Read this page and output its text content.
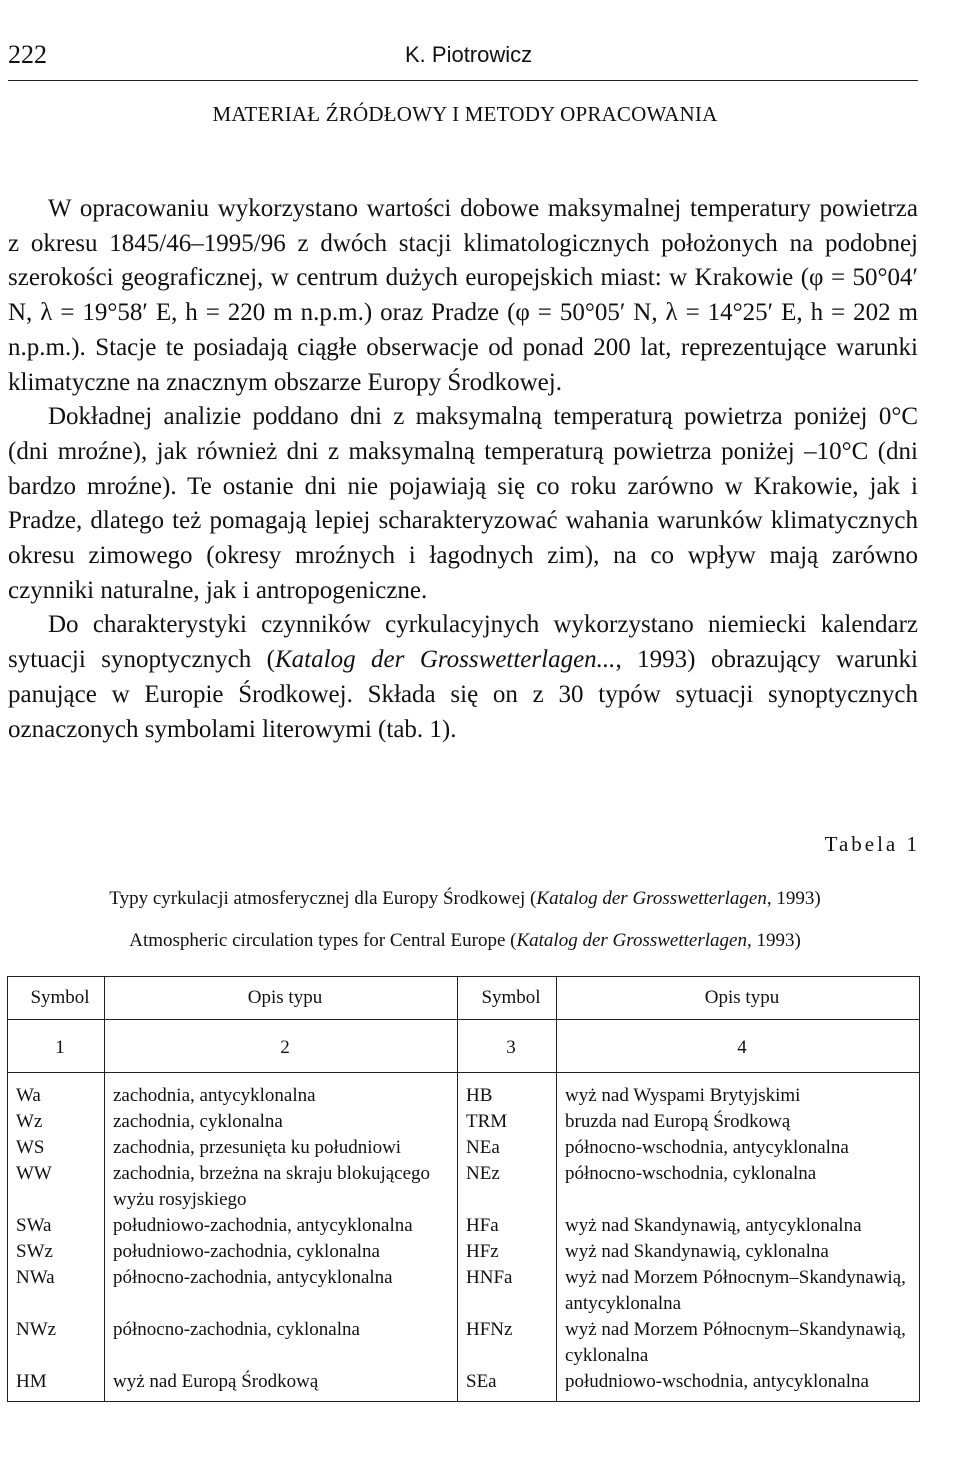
222	K. Piotrowicz
MATERIAŁ ŹRÓDŁOWY I METODY OPRACOWANIA

W opracowaniu wykorzystano wartości dobowe maksymalnej temperatury powietrza z okresu 1845/46–1995/96 z dwóch stacji klimatologicznych położonych na podobnej szerokości geograficznej, w centrum dużych europejskich miast: w Krakowie (φ = 50°04′ N, λ = 19°58′ E, h = 220 m n.p.m.) oraz Pradze (φ = 50°05′ N, λ = 14°25′ E, h = 202 m n.p.m.). Stacje te posiadają ciągłe obserwacje od ponad 200 lat, reprezentujące warunki klimatyczne na znacznym obszarze Europy Środkowej.

Dokładnej analizie poddano dni z maksymalną temperaturą powietrza poniżej 0°C (dni mroźne), jak również dni z maksymalną temperaturą powietrza poniżej –10°C (dni bardzo mroźne). Te ostanie dni nie pojawiają się co roku zarówno w Krakowie, jak i Pradze, dlatego też pomagają lepiej scharakteryzować wahania warunków klimatycznych okresu zimowego (okresy mroźnych i łagodnych zim), na co wpływ mają zarówno czynniki naturalne, jak i antropogeniczne.

Do charakterystyki czynników cyrkulacyjnych wykorzystano niemiecki kalendarz sytuacji synoptycznych (Katalog der Grosswetterlagen..., 1993) obrazujący warunki panujące w Europie Środkowej. Składa się on z 30 typów sytuacji synoptycznych oznaczonych symbolami literowymi (tab. 1).

Tabela 1
Typy cyrkulacji atmosferycznej dla Europy Środkowej (Katalog der Grosswetterlagen, 1993)
Atmospheric circulation types for Central Europe (Katalog der Grosswetterlagen, 1993)
Symbol	Opis typu	Symbol	Opis typu
1	2	3	4
Wa	zachodnia, antycyklonalna	HB	wyż nad Wyspami Brytyjskimi
Wz	zachodnia, cyklonalna	TRM	bruzda nad Europą Środkową
WS	zachodnia, przesunięta ku południowi	NEa	północno-wschodnia, antycyklonalna
WW	zachodnia, brzeżna na skraju blokującego wyżu rosyjskiego	NEz	północno-wschodnia, cyklonalna
SWa	południowo-zachodnia, antycyklonalna	HFa	wyż nad Skandynawią, antycyklonalna
SWz	południowo-zachodnia, cyklonalna	HFz	wyż nad Skandynawią, cyklonalna
NWa	północno-zachodnia, antycyklonalna	HNFa	wyż nad Morzem Północnym–Skandynawią, antycyklonalna
NWz	północno-zachodnia, cyklonalna	HFNz	wyż nad Morzem Północnym–Skandynawią, cyklonalna
HM	wyż nad Europą Środkową	SEa	południowo-wschodnia, antycyklonalna
